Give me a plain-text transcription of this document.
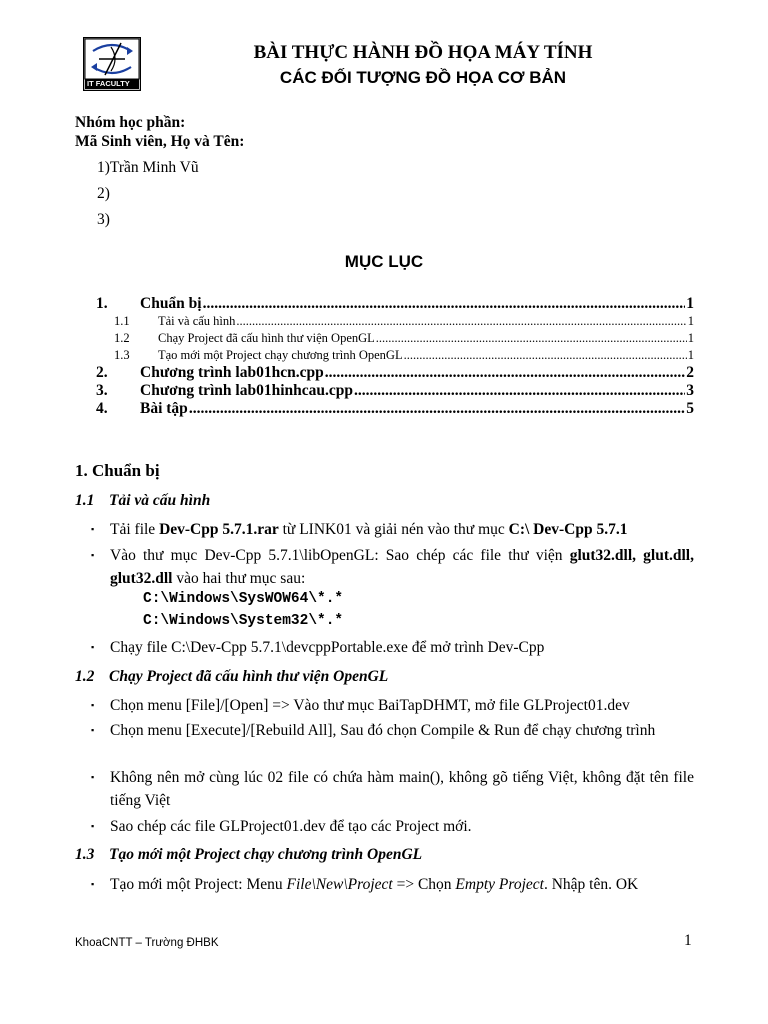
IT FACULTY
BÀI THỰC HÀNH ĐỒ HỌA MÁY TÍNH
CÁC ĐỐI TƯỢNG ĐỒ HỌA CƠ BẢN
Nhóm học phần:
Mã Sinh viên, Họ và Tên:
1)Trần Minh Vũ
2)
3)
MỤC LỤC
1.	Chuẩn bị .....	1
1.1	Tải và cấu hình .....	1
1.2	Chạy Project đã cấu hình thư viện OpenGL .....	1
1.3	Tạo mới một Project chạy chương trình OpenGL .....	1
2.	Chương trình lab01hcn.cpp .....	2
3.	Chương trình lab01hinhcau.cpp .....	3
4.	Bài tập .....	5
1. Chuẩn bị
1.1 Tải và cấu hình
▪ Tải file Dev-Cpp 5.7.1.rar từ LINK01 và giải nén vào thư mục C:\ Dev-Cpp 5.7.1
▪ Vào thư mục Dev-Cpp 5.7.1\libOpenGL: Sao chép các file thư viện glut32.dll, glut.dll, glut32.dll vào hai thư mục sau:
C:\Windows\SysWOW64\*.*
C:\Windows\System32\*.*
▪ Chạy file C:\Dev-Cpp 5.7.1\devcppPortable.exe để mở trình Dev-Cpp
1.2 Chạy Project đã cấu hình thư viện OpenGL
▪ Chọn menu [File]/[Open] => Vào thư mục BaiTapDHMT, mở file GLProject01.dev
▪ Chọn menu [Execute]/[Rebuild All], Sau đó chọn Compile & Run để chạy chương trình
▪ Không nên mở cùng lúc 02 file có chứa hàm main(), không gõ tiếng Việt, không đặt tên file tiếng Việt
▪ Sao chép các file GLProject01.dev để tạo các Project mới.
1.3 Tạo mới một Project chạy chương trình OpenGL
▪ Tạo mới một Project: Menu File\New\Project => Chọn Empty Project. Nhập tên. OK
KhoaCNTT – Trường ĐHBK	1
